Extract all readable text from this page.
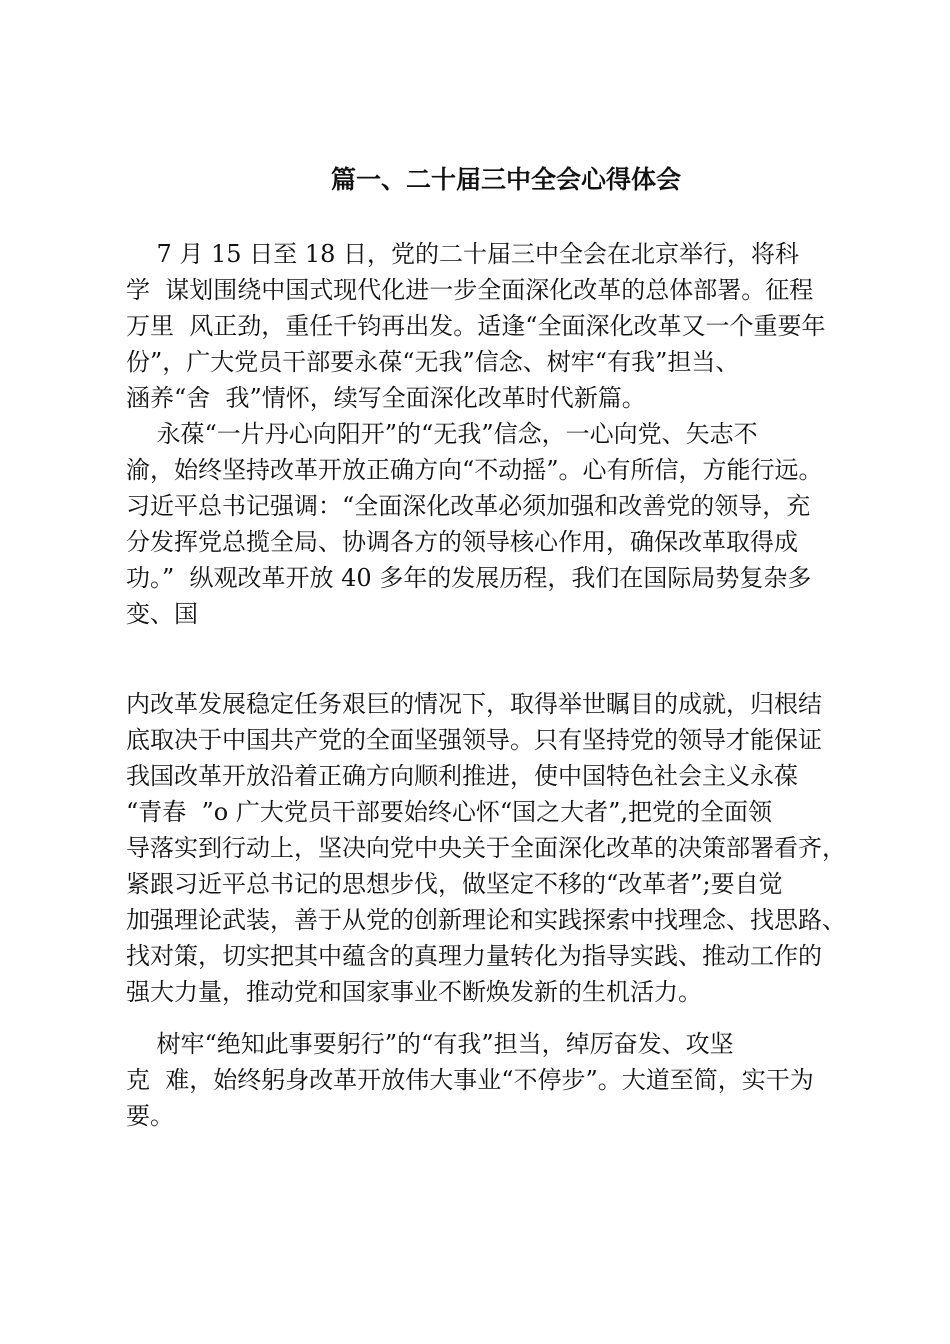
篇一、二十届三中全会心得体会
7 月 15 日至 18 日，党的二十届三中全会在北京举行，将科
学  谋划围绕中国式现代化进一步全面深化改革的总体部署。征程
万里  风正劲，重任千钧再出发。适逢“全面深化改革又一个重要年
份”，广大党员干部要永葆“无我”信念、树牢“有我”担当、
涵养“舍  我”情怀，续写全面深化改革时代新篇。
永葆“一片丹心向阳开”的“无我”信念，一心向党、矢志不
渝，始终坚持改革开放正确方向“不动摇”。心有所信，方能行远。
习近平总书记强调：“全面深化改革必须加强和改善党的领导，充
分发挥党总揽全局、协调各方的领导核心作用，确保改革取得成
功。”  纵观改革开放 40 多年的发展历程，我们在国际局势复杂多
变、国
内改革发展稳定任务艰巨的情况下，取得举世瞩目的成就，归根结
底取决于中国共产党的全面坚强领导。只有坚持党的领导才能保证
我国改革开放沿着正确方向顺利推进，使中国特色社会主义永葆
“青春  ”o 广大党员干部要始终心怀“国之大者”,把党的全面领
导落实到行动上，坚决向党中央关于全面深化改革的决策部署看齐，
紧跟习近平总书记的思想步伐，做坚定不移的“改革者”;要自觉
加强理论武装，善于从党的创新理论和实践探索中找理念、找思路、
找对策，切实把其中蕴含的真理力量转化为指导实践、推动工作的
强大力量，推动党和国家事业不断焕发新的生机活力。
树牢“绝知此事要躬行”的“有我”担当，绰厉奋发、攻坚
克  难，始终躬身改革开放伟大事业“不停步”。大道至简，实干为
要。
